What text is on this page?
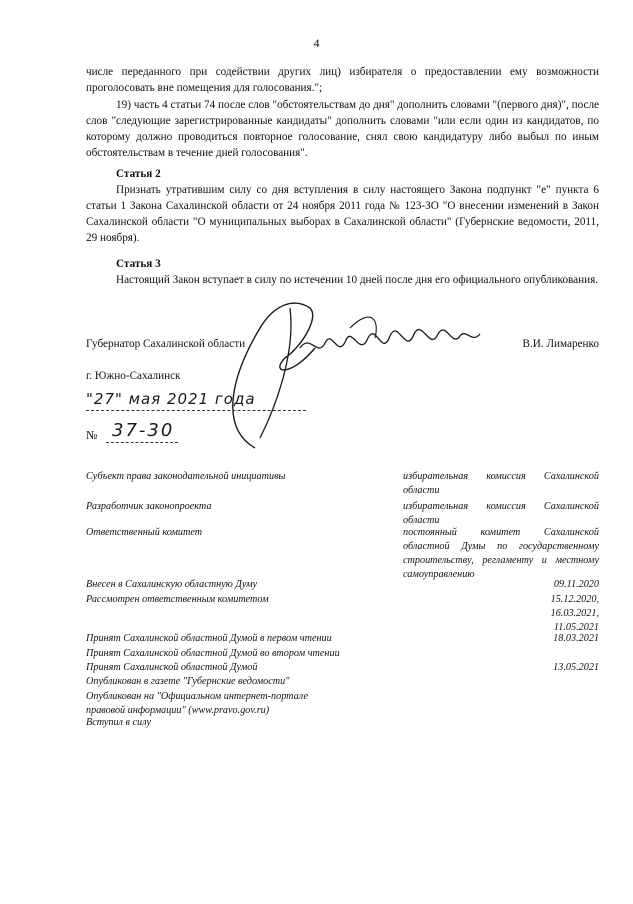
4
числе переданного при содействии других лиц) избирателя о предоставлении ему возможности проголосовать вне помещения для голосования.";
19) часть 4 статьи 74 после слов "обстоятельствам до дня" дополнить словами "(первого дня)", после слов "следующие зарегистрированные кандидаты" дополнить словами "или если один из кандидатов, по которому должно проводиться повторное голосование, снял свою кандидатуру либо выбыл по иным обстоятельствам в течение дней голосования".
Статья 2
Признать утратившим силу со дня вступления в силу настоящего Закона подпункт "е" пункта 6 статьи 1 Закона Сахалинской области от 24 ноября 2011 года № 123-ЗО "О внесении изменений в Закон Сахалинской области "О муниципальных выборах в Сахалинской области" (Губернские ведомости, 2011, 29 ноября).
Статья 3
Настоящий Закон вступает в силу по истечении 10 дней после дня его официального опубликования.
Губернатор Сахалинской области	В.И. Лимаренко
г. Южно-Сахалинск
"27" мая 2021 года
№ 37-30
Субъект права законодательной инициативы	избирательная комиссия Сахалинской области
Разработчик законопроекта	избирательная комиссия Сахалинской области
Ответственный комитет	постоянный комитет Сахалинской областной Думы по государственному строительству, регламенту и местному самоуправлению
Внесен в Сахалинскую областную Думу	09.11.2020
Рассмотрен ответственным комитетом	15.12.2020,
16.03.2021,
11.05.2021
Принят Сахалинской областной Думой в первом чтении	18.03.2021
Принят Сахалинской областной Думой во втором чтении
Принят Сахалинской областной Думой	13.05.2021
Опубликован в газете "Губернские ведомости"
Опубликован на "Официальном интернет-портале правовой информации" (www.pravo.gov.ru)
Вступил в силу
